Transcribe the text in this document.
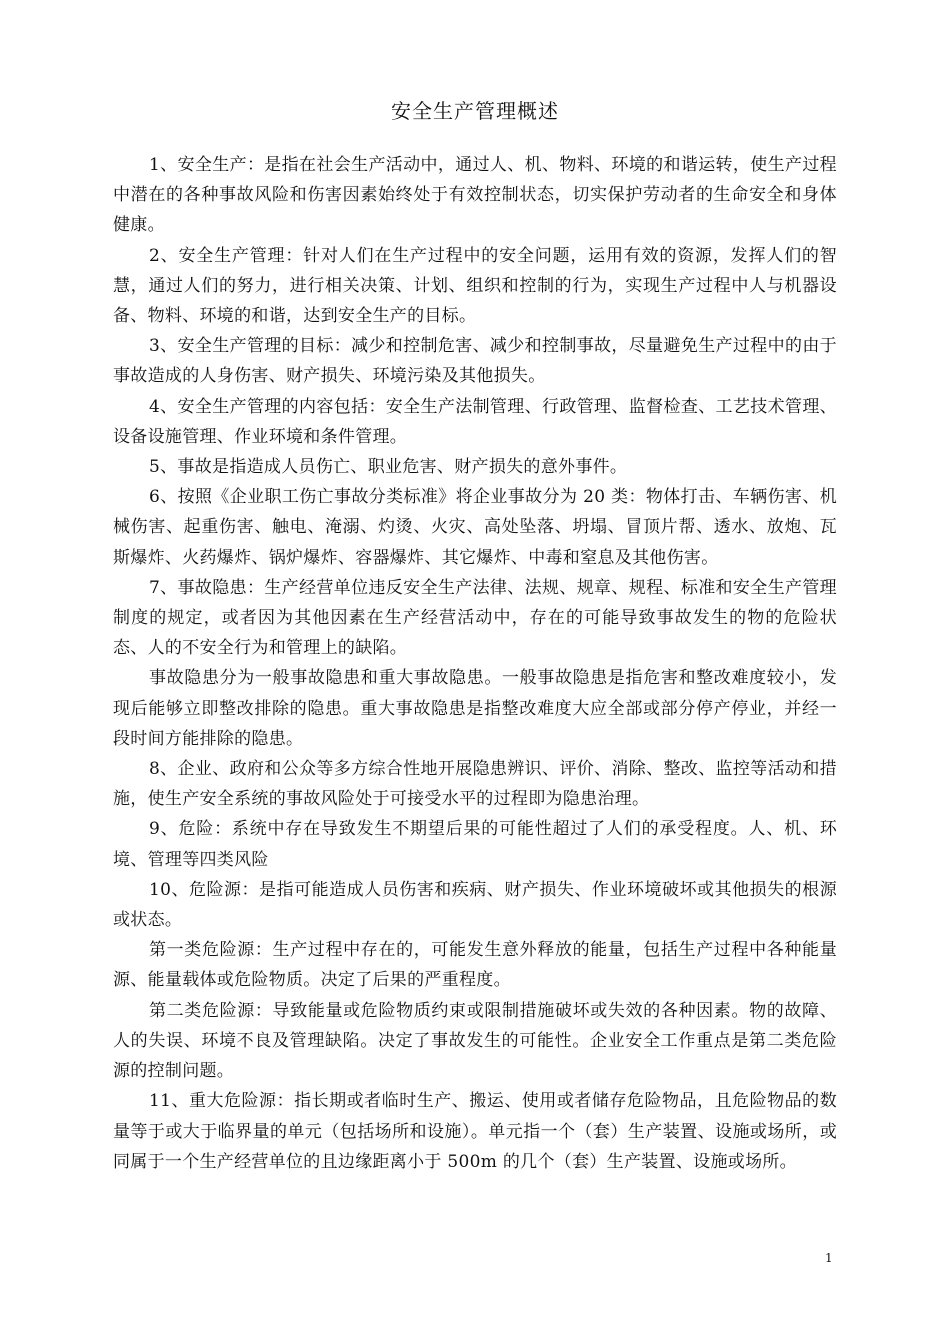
安全生产管理概述

1、安全生产：是指在社会生产活动中，通过人、机、物料、环境的和谐运转，使生产过程中潜在的各种事故风险和伤害因素始终处于有效控制状态，切实保护劳动者的生命安全和身体健康。

2、安全生产管理：针对人们在生产过程中的安全问题，运用有效的资源，发挥人们的智慧，通过人们的努力，进行相关决策、计划、组织和控制的行为，实现生产过程中人与机器设备、物料、环境的和谐，达到安全生产的目标。

3、安全生产管理的目标：减少和控制危害、减少和控制事故，尽量避免生产过程中的由于事故造成的人身伤害、财产损失、环境污染及其他损失。

4、安全生产管理的内容包括：安全生产法制管理、行政管理、监督检查、工艺技术管理、设备设施管理、作业环境和条件管理。

5、事故是指造成人员伤亡、职业危害、财产损失的意外事件。

6、按照《企业职工伤亡事故分类标准》将企业事故分为 20 类：物体打击、车辆伤害、机械伤害、起重伤害、触电、淹溺、灼烫、火灾、高处坠落、坍塌、冒顶片帮、透水、放炮、瓦斯爆炸、火药爆炸、锅炉爆炸、容器爆炸、其它爆炸、中毒和窒息及其他伤害。

7、事故隐患：生产经营单位违反安全生产法律、法规、规章、规程、标准和安全生产管理制度的规定，或者因为其他因素在生产经营活动中，存在的可能导致事故发生的物的危险状态、人的不安全行为和管理上的缺陷。

事故隐患分为一般事故隐患和重大事故隐患。一般事故隐患是指危害和整改难度较小，发现后能够立即整改排除的隐患。重大事故隐患是指整改难度大应全部或部分停产停业，并经一段时间方能排除的隐患。

8、企业、政府和公众等多方综合性地开展隐患辨识、评价、消除、整改、监控等活动和措施，使生产安全系统的事故风险处于可接受水平的过程即为隐患治理。

9、危险：系统中存在导致发生不期望后果的可能性超过了人们的承受程度。人、机、环境、管理等四类风险

10、危险源：是指可能造成人员伤害和疾病、财产损失、作业环境破坏或其他损失的根源或状态。

第一类危险源：生产过程中存在的，可能发生意外释放的能量，包括生产过程中各种能量源、能量载体或危险物质。决定了后果的严重程度。

第二类危险源：导致能量或危险物质约束或限制措施破坏或失效的各种因素。物的故障、人的失误、环境不良及管理缺陷。决定了事故发生的可能性。企业安全工作重点是第二类危险源的控制问题。

11、重大危险源：指长期或者临时生产、搬运、使用或者储存危险物品，且危险物品的数量等于或大于临界量的单元（包括场所和设施）。单元指一个（套）生产装置、设施或场所，或同属于一个生产经营单位的且边缘距离小于 500m 的几个（套）生产装置、设施或场所。

1
